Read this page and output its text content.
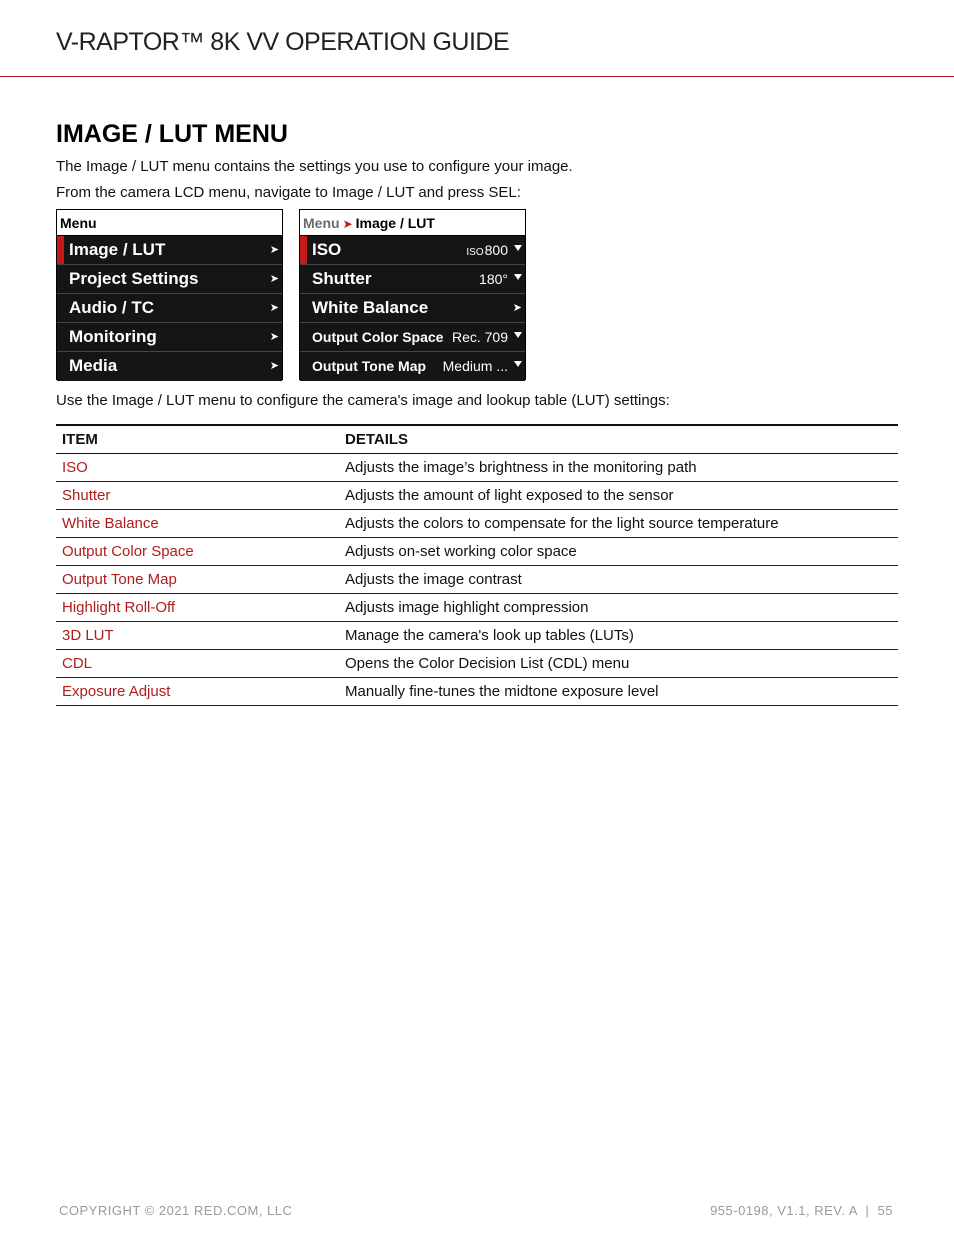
V-RAPTOR™ 8K VV OPERATION GUIDE
IMAGE / LUT MENU

The Image / LUT menu contains the settings you use to configure your image.

From the camera LCD menu, navigate to Image / LUT and press SEL:

Menu
Image / LUT	➤
Project Settings	➤
Audio / TC	➤
Monitoring	➤
Media	➤
Menu ➤ Image / LUT
ISO	ISO800
Shutter	180°
White Balance	➤
Output Color Space Rec. 709
Output Tone Map Medium ...

Use the Image / LUT menu to configure the camera's image and lookup table (LUT) settings:

ITEM	DETAILS
ISO	Adjusts the image’s brightness in the monitoring path
Shutter	Adjusts the amount of light exposed to the sensor
White Balance	Adjusts the colors to compensate for the light source temperature
Output Color Space	Adjusts on-set working color space
Output Tone Map	Adjusts the image contrast
Highlight Roll-Off	Adjusts image highlight compression
3D LUT	Manage the camera's look up tables (LUTs)
CDL	Opens the Color Decision List (CDL) menu
Exposure Adjust	Manually fine-tunes the midtone exposure level
COPYRIGHT © 2021 RED.COM, LLC	955-0198, V1.1, REV. A  |  55
